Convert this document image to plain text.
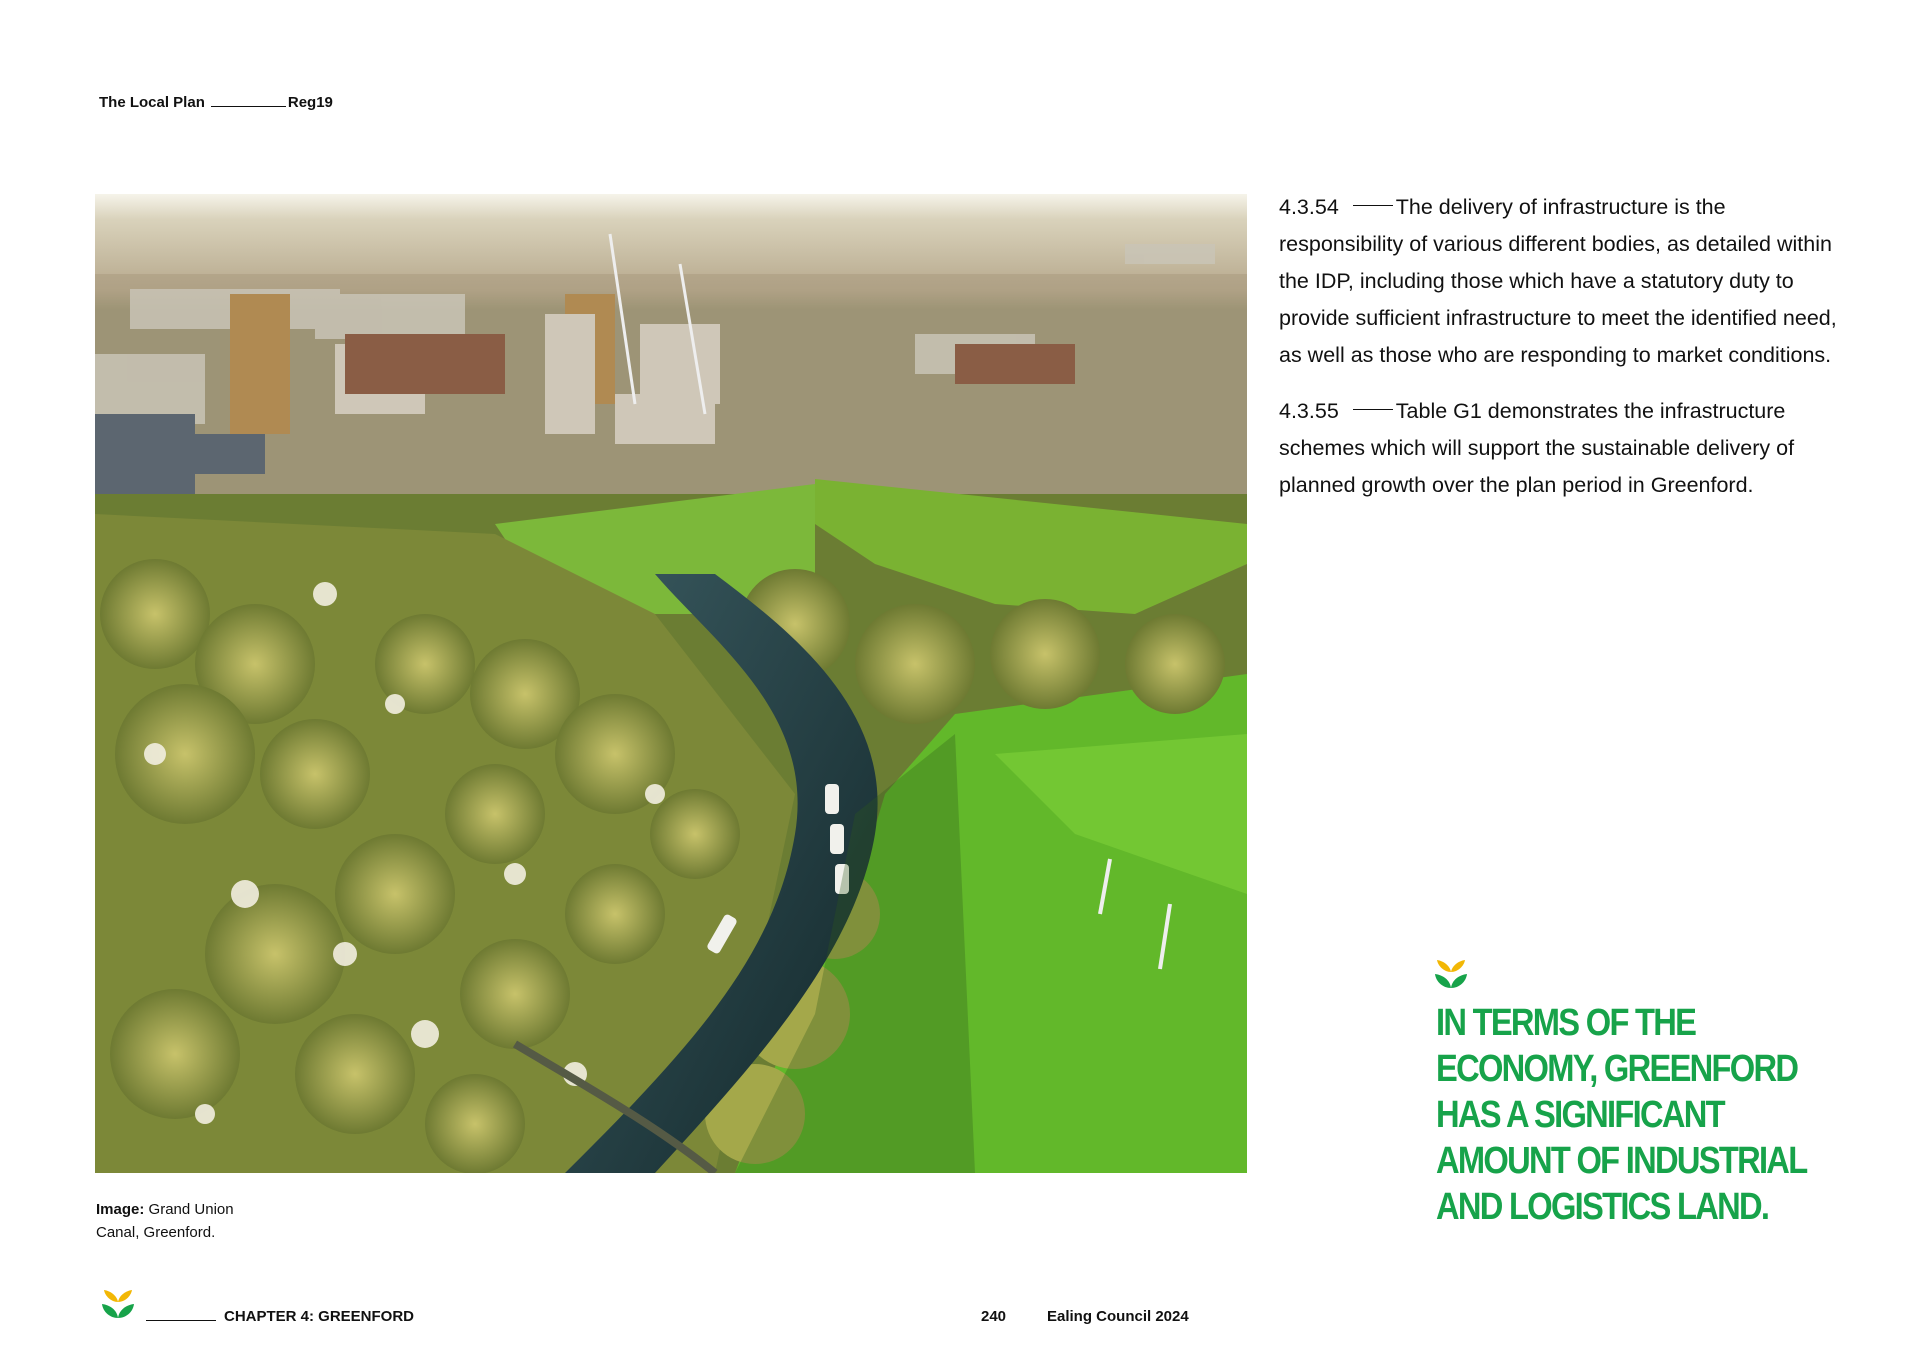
The Local Plan	Reg19
Image: Grand Union Canal, Greenford.

4.3.54	The delivery of infrastructure is the responsibility of various different bodies, as detailed within the IDP, including those which have a statutory duty to provide sufficient infrastructure to meet the identified need, as well as those who are responding to market conditions.

4.3.55	Table G1 demonstrates the infrastructure schemes which will support the sustainable delivery of planned growth over the plan period in Greenford.

IN TERMS OF THE ECONOMY, GREENFORD HAS A SIGNIFICANT AMOUNT OF INDUSTRIAL AND LOGISTICS LAND.
CHAPTER 4: GREENFORD	240	Ealing Council 2024
